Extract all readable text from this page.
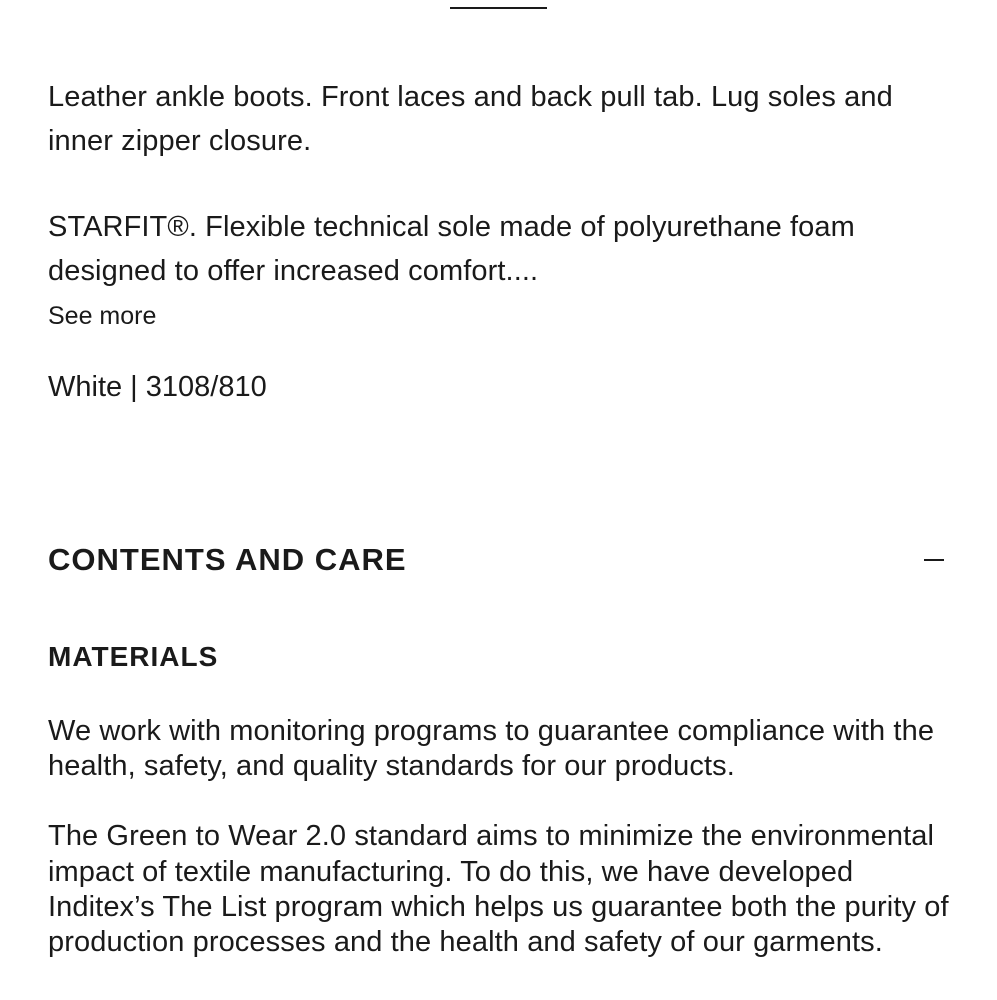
Leather ankle boots. Front laces and back pull tab. Lug soles and inner zipper closure.

STARFIT®. Flexible technical sole made of polyurethane foam designed to offer increased comfort....

See more
White | 3108/810
CONTENTS AND CARE
MATERIALS

We work with monitoring programs to guarantee compliance with the health, safety, and quality standards for our products.

The Green to Wear 2.0 standard aims to minimize the environmental impact of textile manufacturing. To do this, we have developed Inditex’s The List program which helps us guarantee both the purity of production processes and the health and safety of our garments.
